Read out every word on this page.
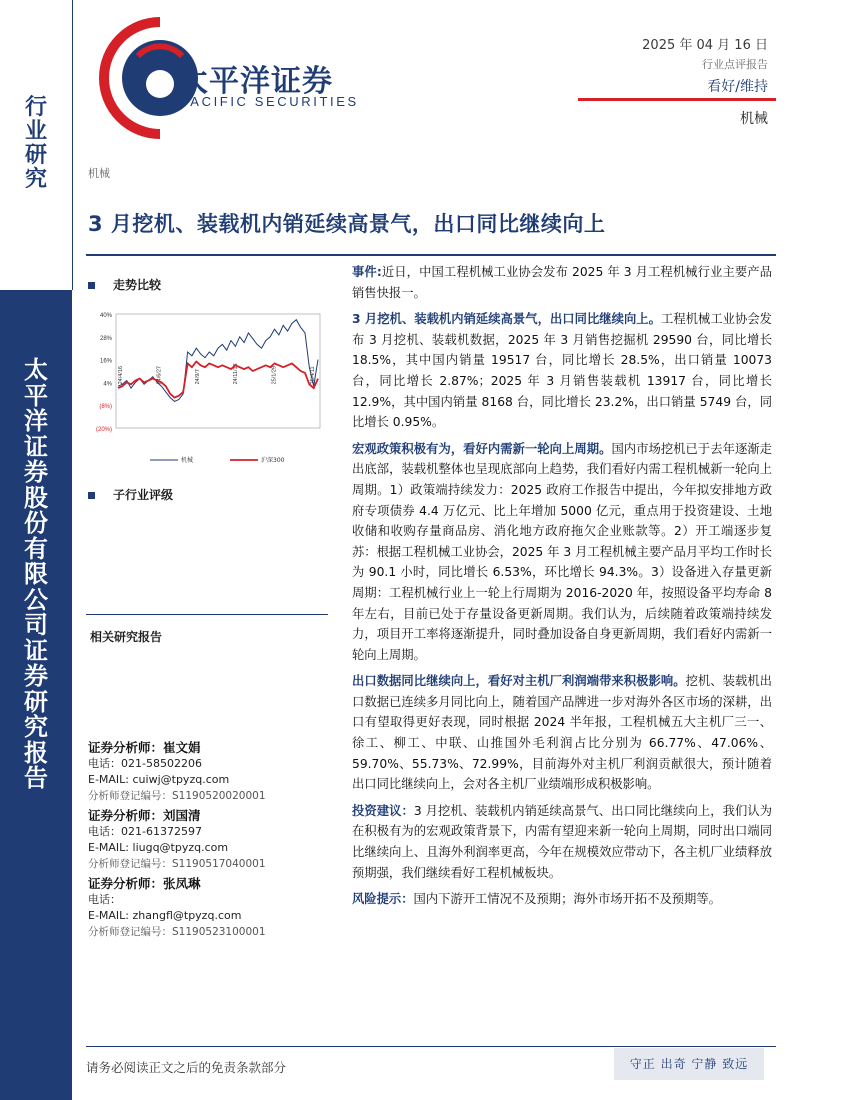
行
业
研
究
太
平
洋
证
券
股
份
有
限
公
司
证
券
研
究
报
告
太平洋证券
PACIFIC SECURITIES
2025 年 04 月 16 日
行业点评报告
看好/维持
机械
机械
3 月挖机、装载机内销延续高景气，出口同比继续向上
走势比较
40%
28%
16%
4%
(8%)
(20%)
24/4/16	24/6/27	24/9/7	24/11/18	25/1/29	25/4/11
机械	沪深300
子行业评级
相关研究报告
证券分析师：崔文娟
电话：021-58502206
E-MAIL: cuiwj@tpyzq.com
分析师登记编号：S1190520020001
证券分析师：刘国清
电话：021-61372597
E-MAIL: liugq@tpyzq.com
分析师登记编号：S1190517040001
证券分析师：张凤琳
电话：
E-MAIL: zhangfl@tpyzq.com
分析师登记编号：S1190523100001

事件:近日，中国工程机械工业协会发布 2025 年 3 月工程机械行业主要产品销售快报一。

3 月挖机、装载机内销延续高景气，出口同比继续向上。工程机械工业协会发布 3 月挖机、装载机数据，2025 年 3 月销售挖掘机 29590 台，同比增长 18.5%，其中国内销量 19517 台，同比增长 28.5%，出口销量 10073 台，同比增长 2.87%；2025 年 3 月销售装载机 13917 台，同比增长 12.9%，其中国内销量 8168 台，同比增长 23.2%，出口销量 5749 台，同比增长 0.95%。

宏观政策积极有为，看好内需新一轮向上周期。国内市场挖机已于去年逐渐走出底部，装载机整体也呈现底部向上趋势，我们看好内需工程机械新一轮向上周期。1）政策端持续发力：2025 政府工作报告中提出，今年拟安排地方政府专项债券 4.4 万亿元、比上年增加 5000 亿元，重点用于投资建设、土地收储和收购存量商品房、消化地方政府拖欠企业账款等。2）开工端逐步复苏：根据工程机械工业协会，2025 年 3 月工程机械主要产品月平均工作时长为 90.1 小时，同比增长 6.53%，环比增长 94.3%。3）设备进入存量更新周期：工程机械行业上一轮上行周期为 2016-2020 年，按照设备平均寿命 8 年左右，目前已处于存量设备更新周期。我们认为，后续随着政策端持续发力，项目开工率将逐渐提升，同时叠加设备自身更新周期，我们看好内需新一轮向上周期。

出口数据同比继续向上，看好对主机厂利润端带来积极影响。挖机、装载机出口数据已连续多月同比向上，随着国产品牌进一步对海外各区市场的深耕，出口有望取得更好表现，同时根据 2024 半年报，工程机械五大主机厂三一、徐工、柳工、中联、山推国外毛利润占比分别为 66.77%、47.06%、59.70%、55.73%、72.99%，目前海外对主机厂利润贡献很大，预计随着出口同比继续向上，会对各主机厂业绩端形成积极影响。

投资建议：3 月挖机、装载机内销延续高景气、出口同比继续向上，我们认为在积极有为的宏观政策背景下，内需有望迎来新一轮向上周期，同时出口端同比继续向上、且海外利润率更高，今年在规模效应带动下，各主机厂业绩释放预期强，我们继续看好工程机械板块。

风险提示：国内下游开工情况不及预期；海外市场开拓不及预期等。

请务必阅读正文之后的免责条款部分	守正 出奇 宁静 致远
